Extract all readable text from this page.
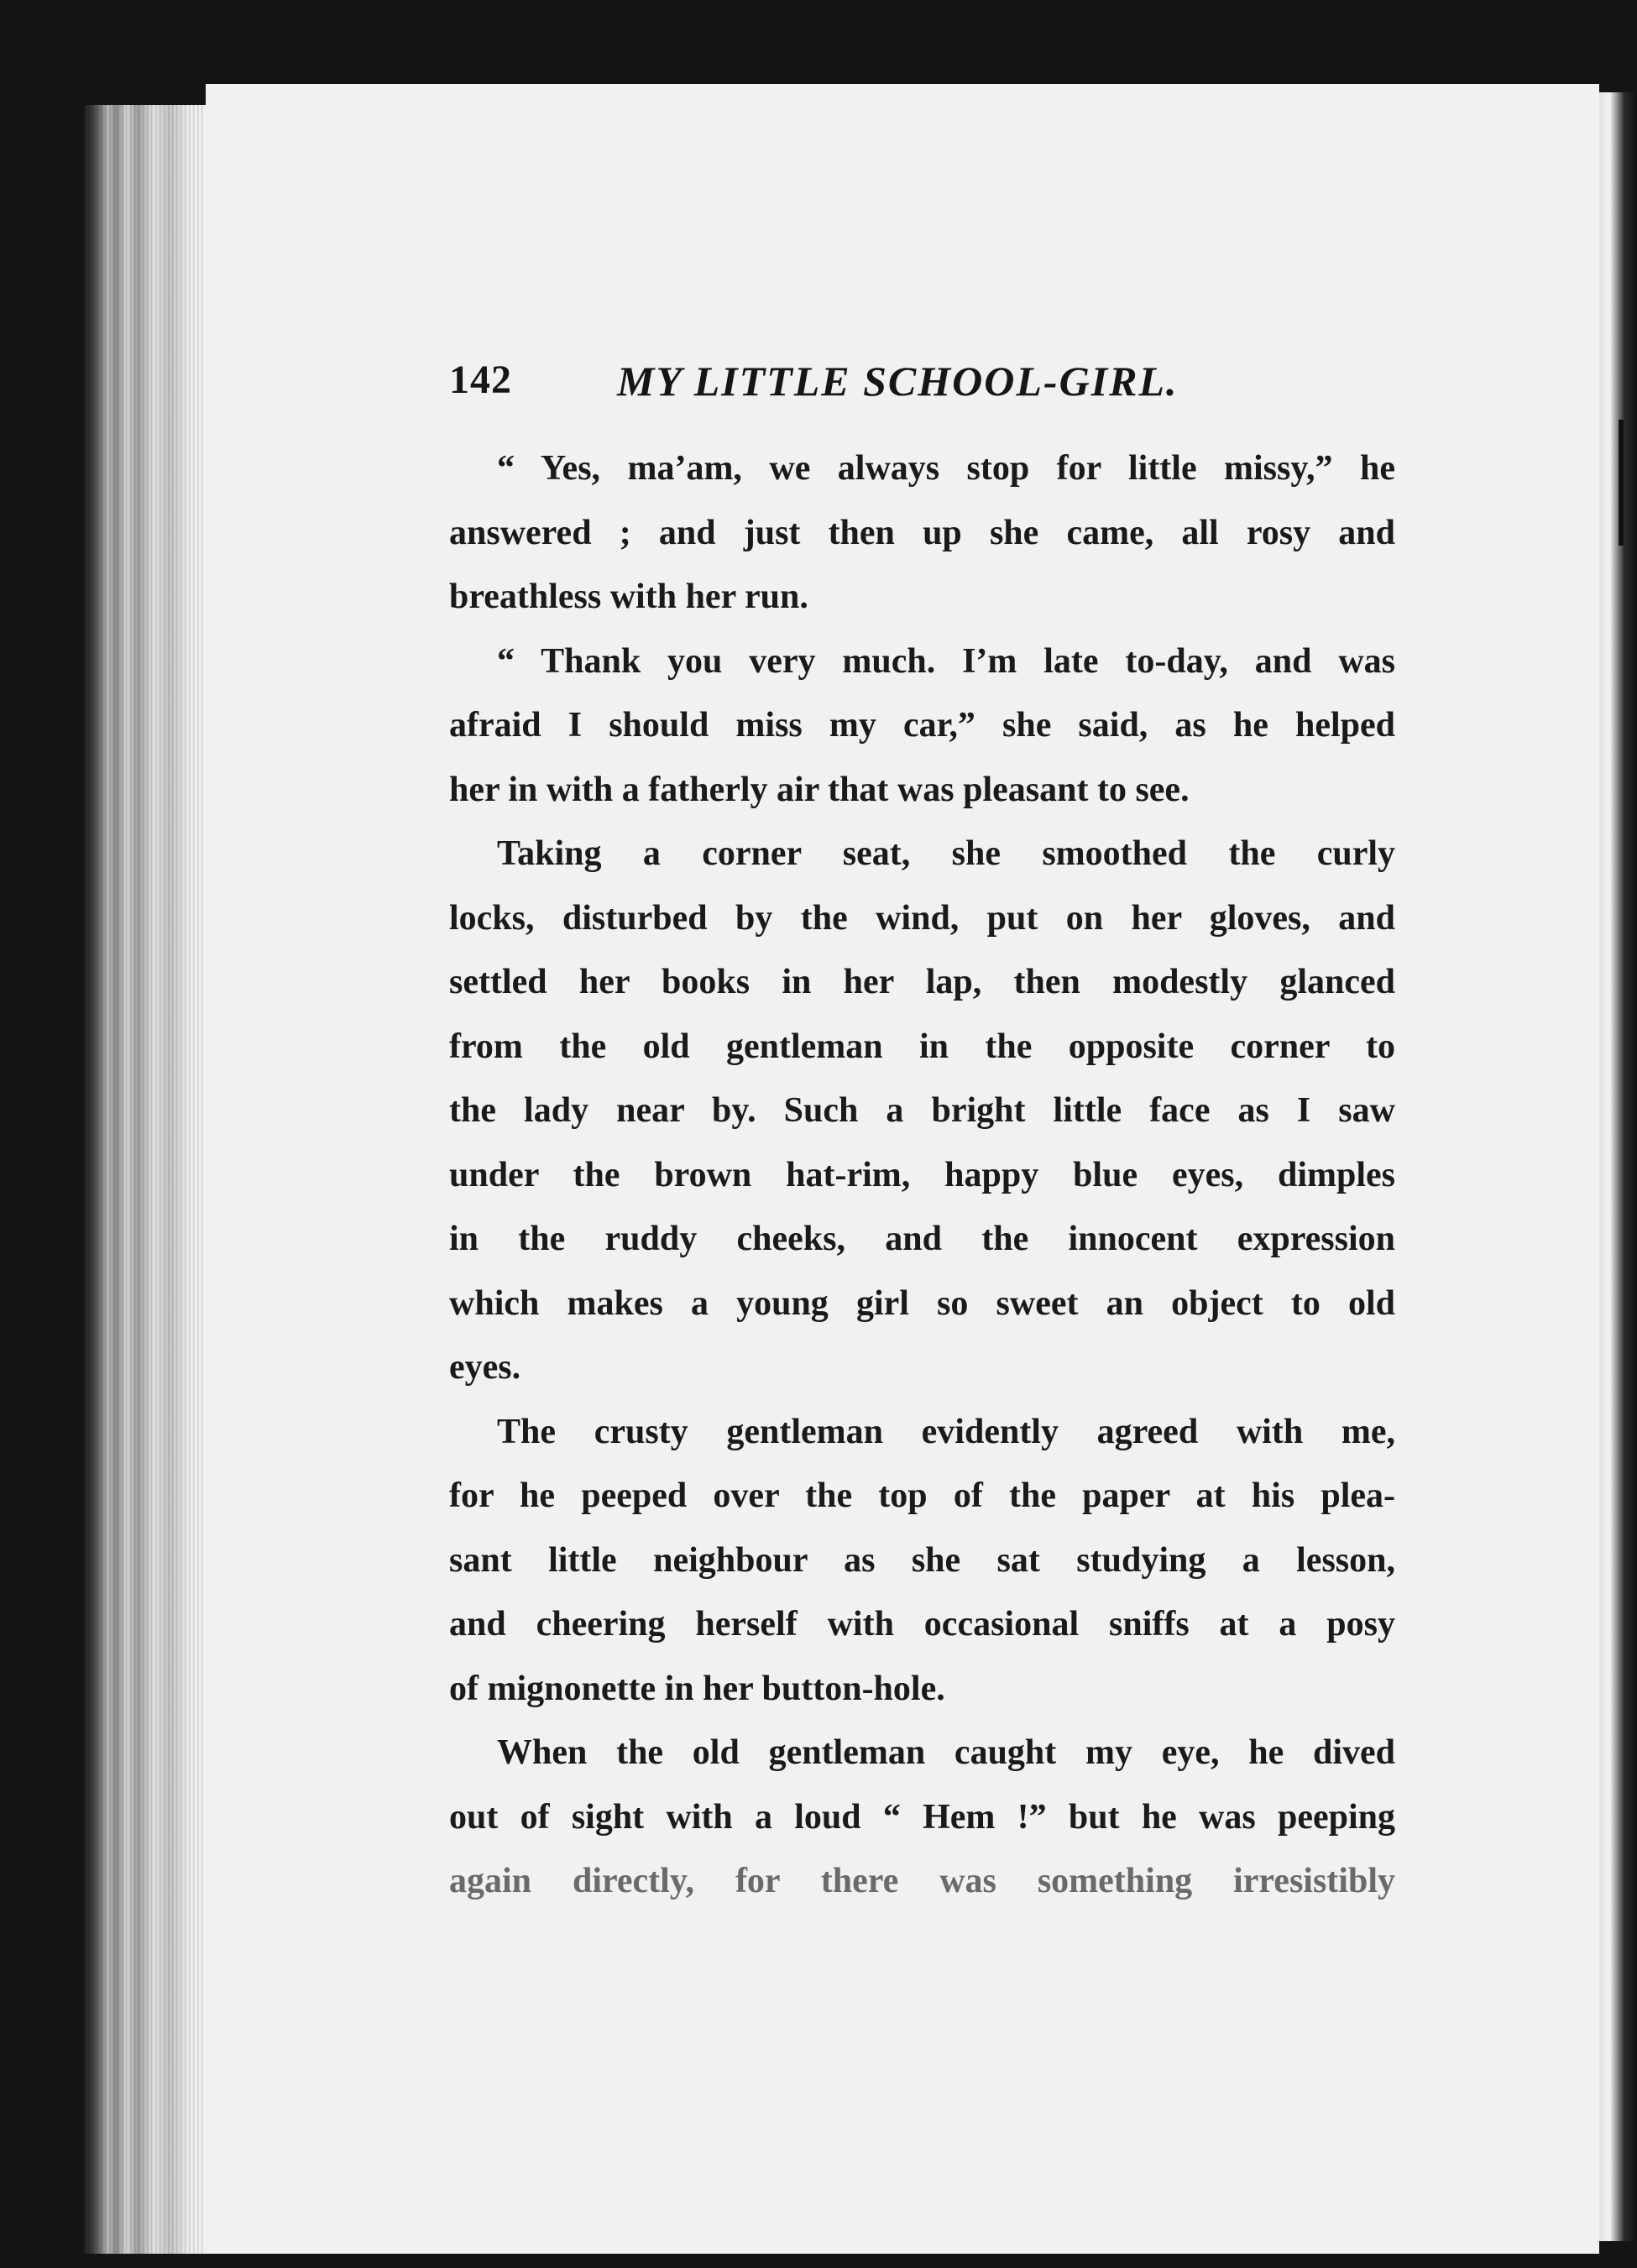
142	MY LITTLE SCHOOL-GIRL.
“ Yes, ma’am, we always stop for little missy,” he
answered ; and just then up she came, all rosy and
breathless with her run.
“ Thank you very much. I’m late to-day, and was
afraid I should miss my car,” she said, as he helped
her in with a fatherly air that was pleasant to see.
Taking a corner seat, she smoothed the curly
locks, disturbed by the wind, put on her gloves, and
settled her books in her lap, then modestly glanced
from the old gentleman in the opposite corner to
the lady near by. Such a bright little face as I saw
under the brown hat-rim, happy blue eyes, dimples
in the ruddy cheeks, and the innocent expression
which makes a young girl so sweet an object to old
eyes.
The crusty gentleman evidently agreed with me,
for he peeped over the top of the paper at his plea-
sant little neighbour as she sat studying a lesson,
and cheering herself with occasional sniffs at a posy
of mignonette in her button-hole.
When the old gentleman caught my eye, he dived
out of sight with a loud “ Hem !” but he was peeping
again directly, for there was something irresistibly
